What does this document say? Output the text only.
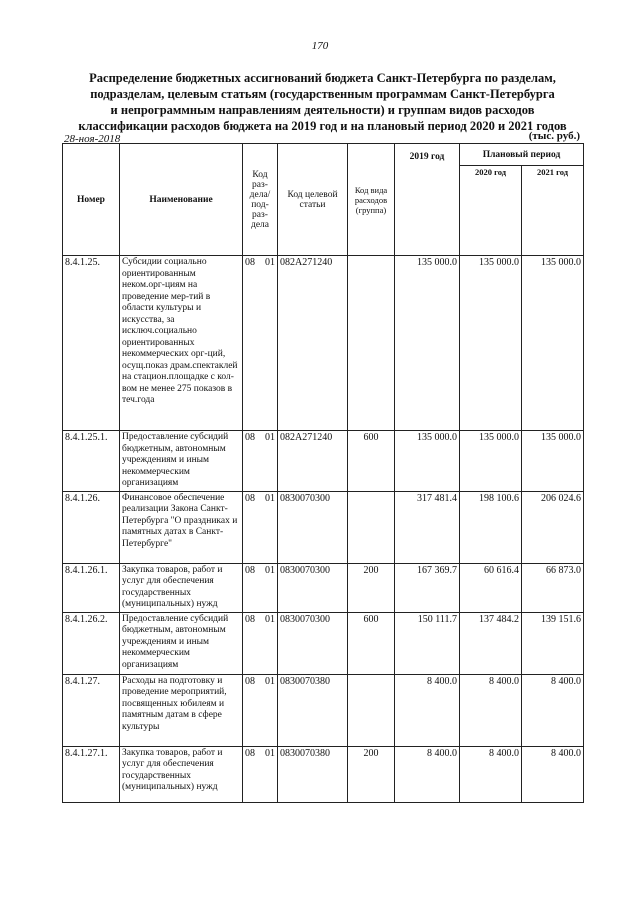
170
Распределение бюджетных ассигнований бюджета Санкт-Петербурга по разделам,
подразделам, целевым статьям (государственным программам Санкт-Петербурга
и непрограммным направлениям деятельности) и группам видов расходов
классификации расходов бюджета на 2019 год и на плановый период 2020 и 2021 годов
28-ноя-2018	(тыс. руб.)
Номер	Наименование	Код раз-дела/ под-раз-дела	Код целевой статьи	Код вида расходов (группа)	2019 год	Плановый период	
						2020 год	2021 год
8.4.1.25.	Субсидии социально ориентированным неком.орг-циям на проведение мер-тий в области культуры и искусства, за исключ.социально ориентированных некоммерческих орг-ций, осущ.показ драм.спектаклей на стацион.площадке с кол-вом не менее 275 показов в теч.года	08 01	082А271240		135 000.0	135 000.0	135 000.0
8.4.1.25.1.	Предоставление субсидий бюджетным, автономным учреждениям и иным некоммерческим организациям	08 01	082А271240	600	135 000.0	135 000.0	135 000.0
8.4.1.26.	Финансовое обеспечение реализации Закона Санкт-Петербурга "О праздниках и памятных датах в Санкт-Петербурге"	08 01	0830070300		317 481.4	198 100.6	206 024.6
8.4.1.26.1.	Закупка товаров, работ и услуг для обеспечения государственных (муниципальных) нужд	08 01	0830070300	200	167 369.7	60 616.4	66 873.0
8.4.1.26.2.	Предоставление субсидий бюджетным, автономным учреждениям и иным некоммерческим организациям	08 01	0830070300	600	150 111.7	137 484.2	139 151.6
8.4.1.27.	Расходы на подготовку и проведение мероприятий, посвященных юбилеям и памятным датам в сфере культуры	08 01	0830070380		8 400.0	8 400.0	8 400.0
8.4.1.27.1.	Закупка товаров, работ и услуг для обеспечения государственных (муниципальных) нужд	08 01	0830070380	200	8 400.0	8 400.0	8 400.0
